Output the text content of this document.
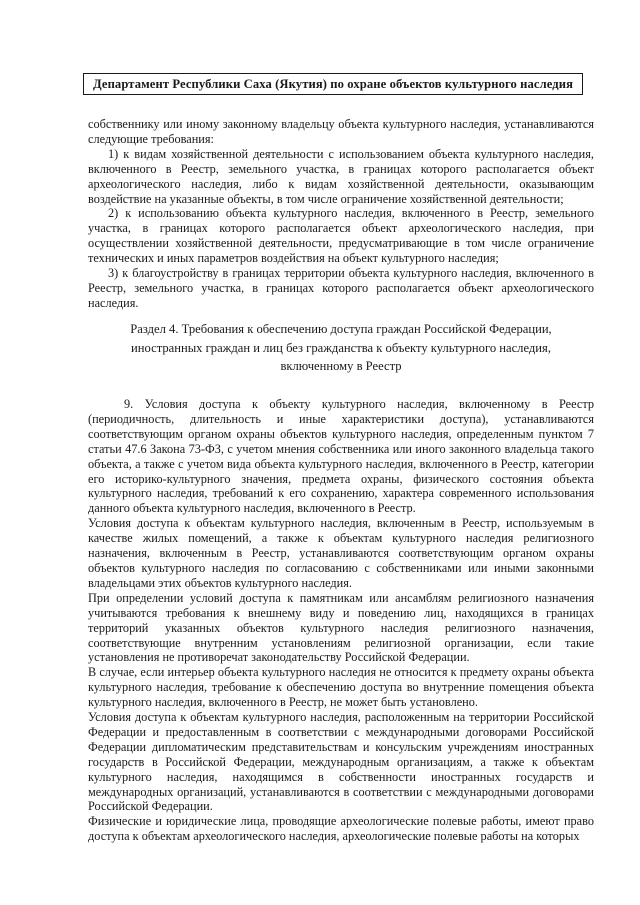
Департамент Республики Саха (Якутия) по охране объектов культурного наследия

собственнику или иному законному владельцу объекта культурного наследия, устанавливаются следующие требования:

1) к видам хозяйственной деятельности с использованием объекта культурного наследия, включенного в Реестр, земельного участка, в границах которого располагается объект археологического наследия, либо к видам хозяйственной деятельности, оказывающим воздействие на указанные объекты, в том числе ограничение хозяйственной деятельности;

2) к использованию объекта культурного наследия, включенного в Реестр, земельного участка, в границах которого располагается объект археологического наследия, при осуществлении хозяйственной деятельности, предусматривающие в том числе ограничение технических и иных параметров воздействия на объект культурного наследия;

3) к благоустройству в границах территории объекта культурного наследия, включенного в Реестр, земельного участка, в границах которого располагается объект археологического наследия.

Раздел 4. Требования к обеспечению доступа граждан Российской Федерации,
иностранных граждан и лиц без гражданства к объекту культурного наследия,
включенному в Реестр

9. Условия доступа к объекту культурного наследия, включенному в Реестр (периодичность, длительность и иные характеристики доступа), устанавливаются соответствующим органом охраны объектов культурного наследия, определенным пунктом 7 статьи 47.6 Закона 73-ФЗ, с учетом мнения собственника или иного законного владельца такого объекта, а также с учетом вида объекта культурного наследия, включенного в Реестр, категории его историко-культурного значения, предмета охраны, физического состояния объекта культурного наследия, требований к его сохранению, характера современного использования данного объекта культурного наследия, включенного в Реестр.

Условия доступа к объектам культурного наследия, включенным в Реестр, используемым в качестве жилых помещений, а также к объектам культурного наследия религиозного назначения, включенным в Реестр, устанавливаются соответствующим органом охраны объектов культурного наследия по согласованию с собственниками или иными законными владельцами этих объектов культурного наследия.

При определении условий доступа к памятникам или ансамблям религиозного назначения учитываются требования к внешнему виду и поведению лиц, находящихся в границах территорий указанных объектов культурного наследия религиозного назначения, соответствующие внутренним установлениям религиозной организации, если такие установления не противоречат законодательству Российской Федерации.

В случае, если интерьер объекта культурного наследия не относится к предмету охраны объекта культурного наследия, требование к обеспечению доступа во внутренние помещения объекта культурного наследия, включенного в Реестр, не может быть установлено.

Условия доступа к объектам культурного наследия, расположенным на территории Российской Федерации и предоставленным в соответствии с международными договорами Российской Федерации дипломатическим представительствам и консульским учреждениям иностранных государств в Российской Федерации, международным организациям, а также к объектам культурного наследия, находящимся в собственности иностранных государств и международных организаций, устанавливаются в соответствии с международными договорами Российской Федерации.

Физические и юридические лица, проводящие археологические полевые работы, имеют право доступа к объектам археологического наследия, археологические полевые работы на которых
